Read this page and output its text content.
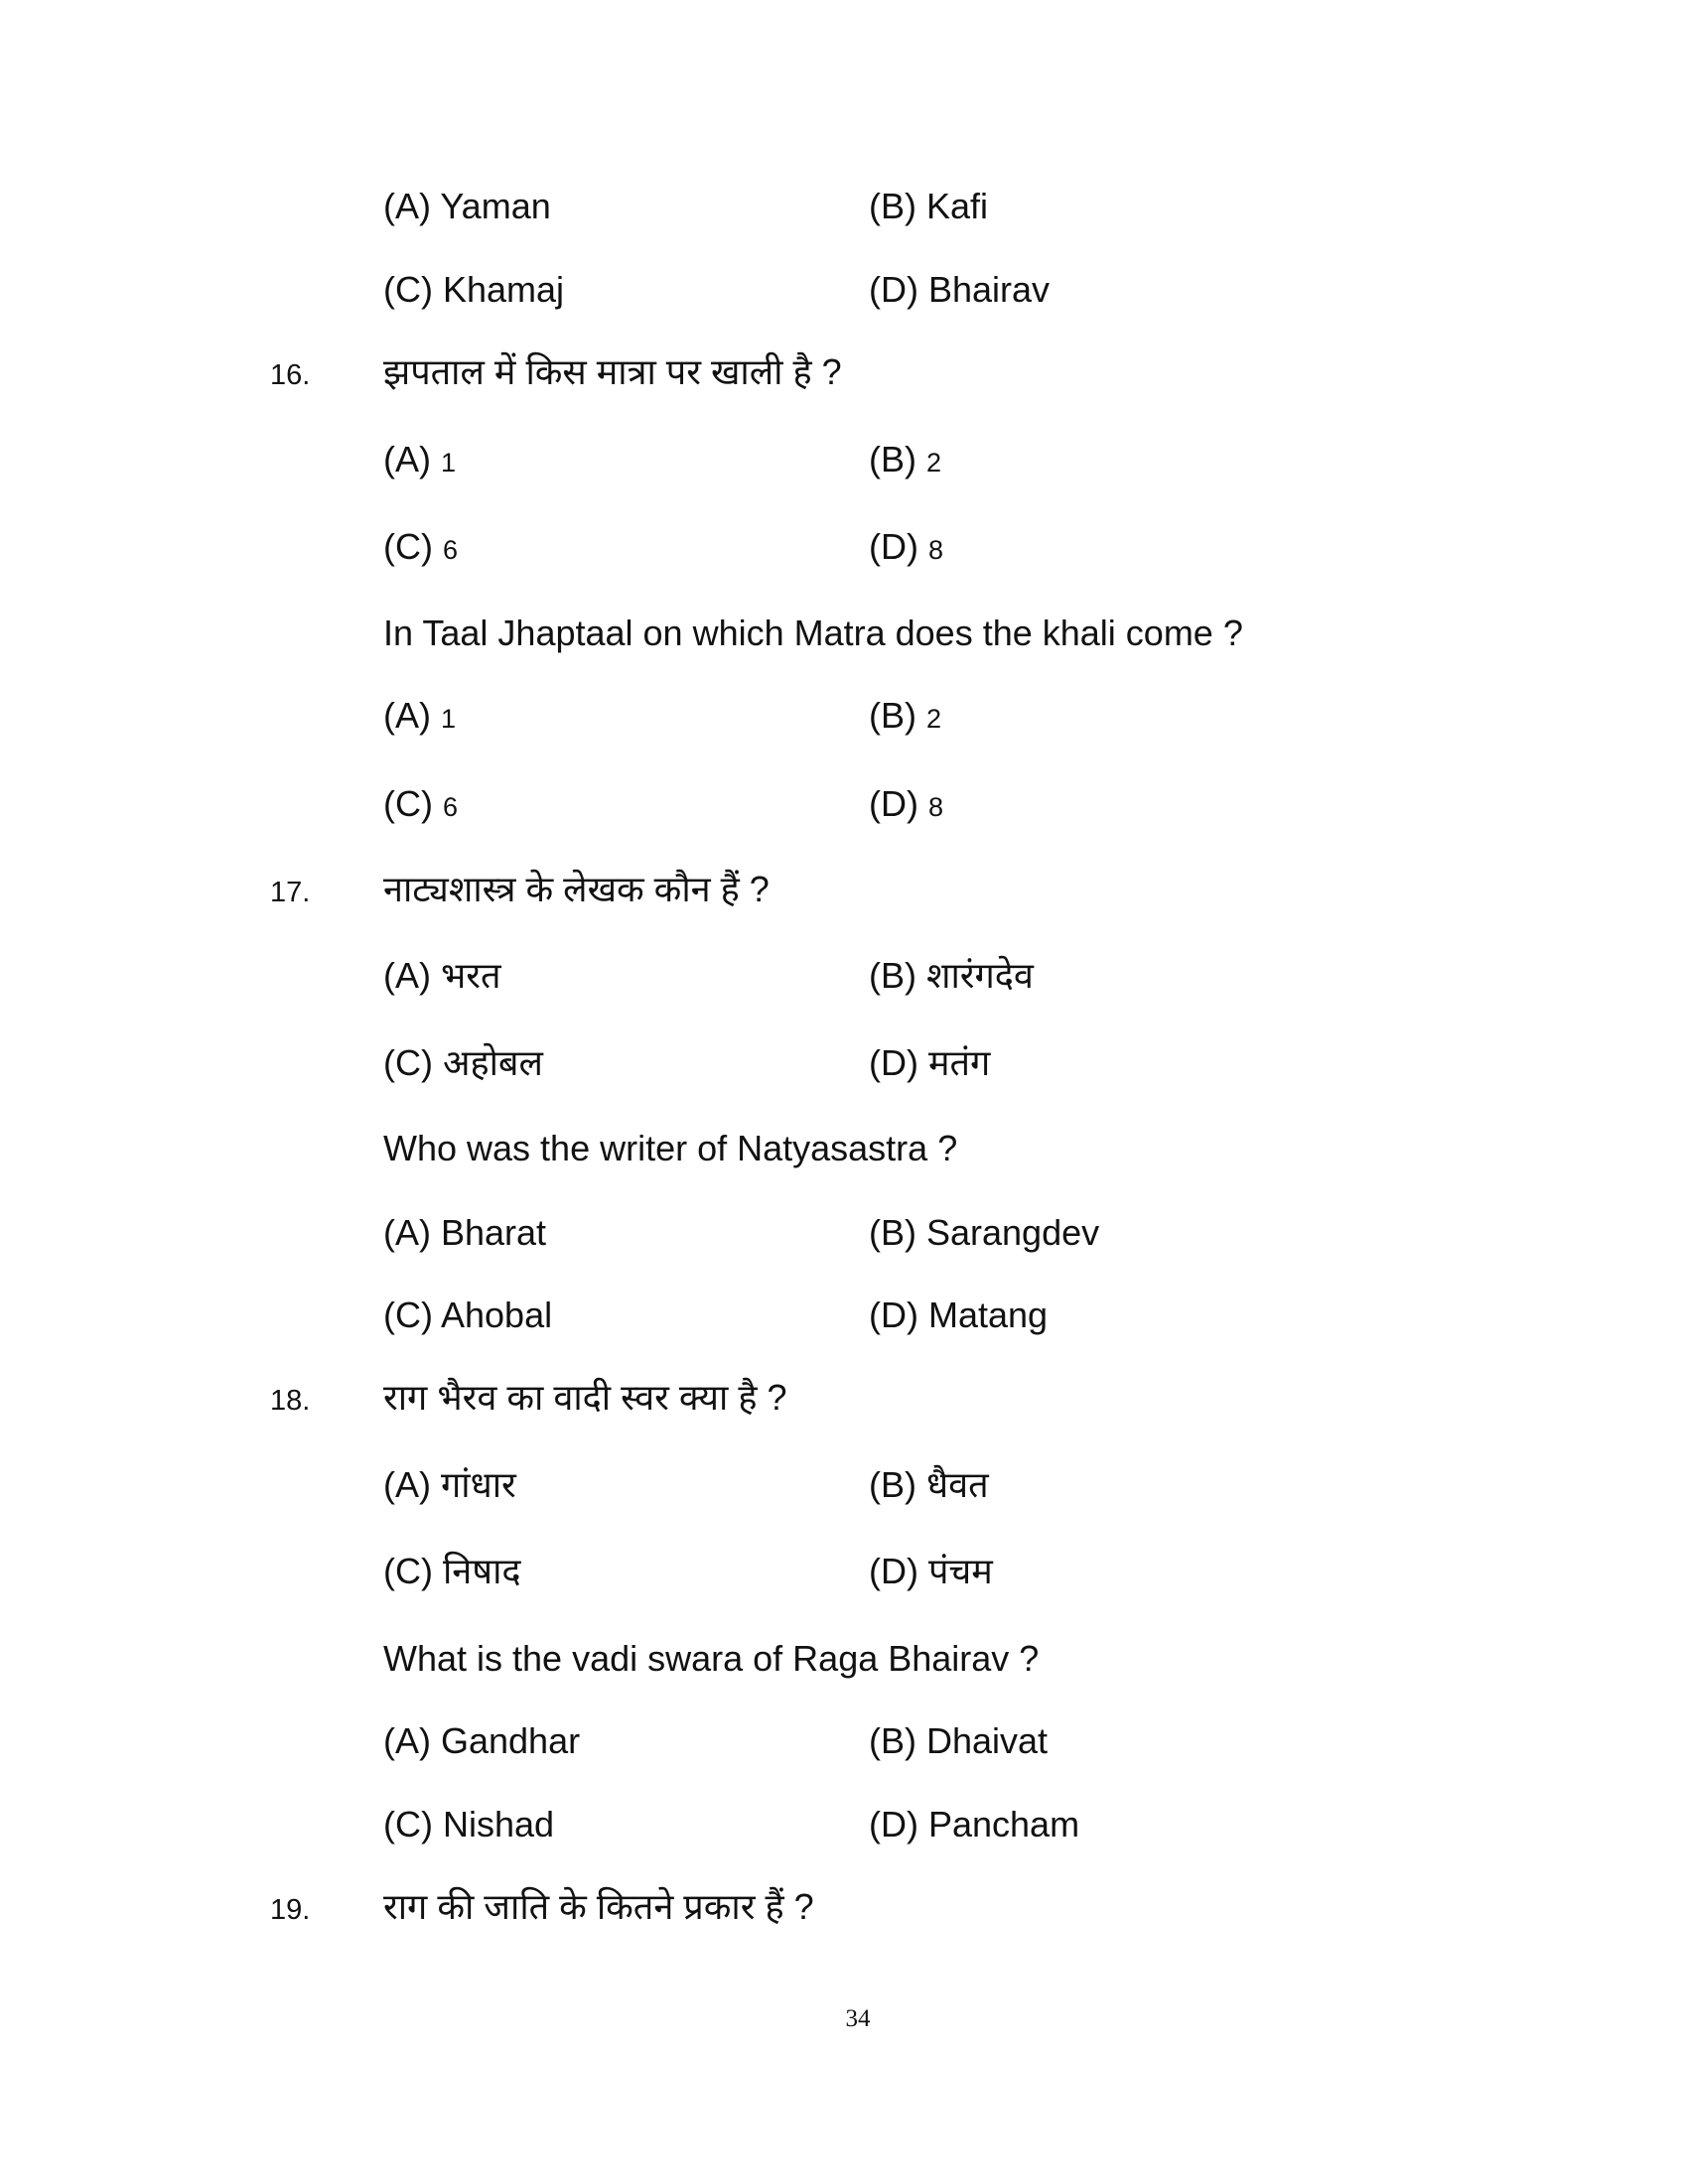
(A) Yaman	(B) Kafi
(C) Khamaj	(D) Bhairav
16. झपताल में किस मात्रा पर खाली है ?
(A) 1	(B) 2
(C) 6	(D) 8
In Taal Jhaptaal on which Matra does the khali come ?
(A) 1	(B) 2
(C) 6	(D) 8
17. नाट्यशास्त्र के लेखक कौन हैं ?
(A) भरत	(B) शारंगदेव
(C) अहोबल	(D) मतंग
Who was the writer of Natyasastra ?
(A) Bharat	(B) Sarangdev
(C) Ahobal	(D) Matang
18. राग भैरव का वादी स्वर क्या है ?
(A) गांधार	(B) धैवत
(C) निषाद	(D) पंचम
What is the vadi swara of Raga Bhairav ?
(A) Gandhar	(B) Dhaivat
(C) Nishad	(D) Pancham
19. राग की जाति के कितने प्रकार हैं ?
34
